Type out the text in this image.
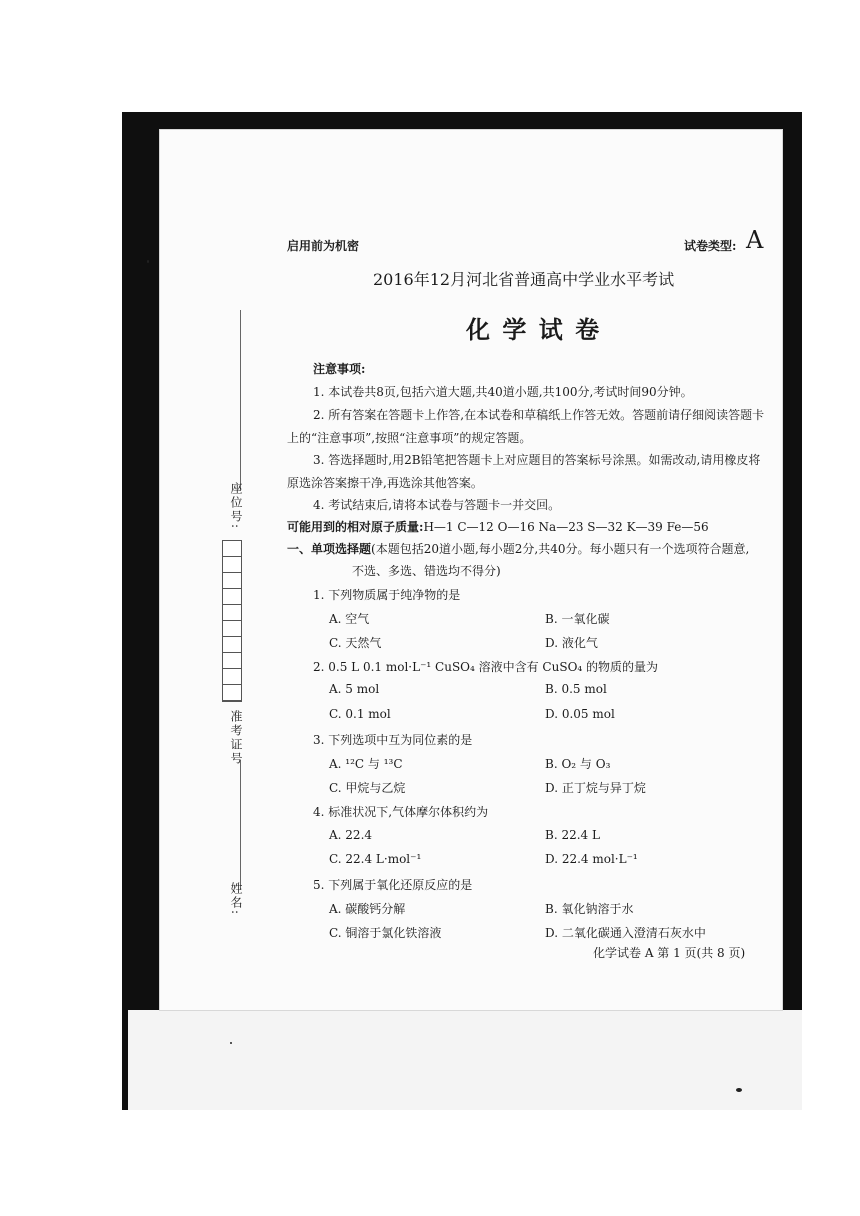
座位号:
准考证号
姓名:
启用前为机密	试卷类型: A
2016年12月河北省普通高中学业水平考试
化 学 试 卷
注意事项:
1. 本试卷共8页,包括六道大题,共40道小题,共100分,考试时间90分钟。
2. 所有答案在答题卡上作答,在本试卷和草稿纸上作答无效。答题前请仔细阅读答题卡
上的“注意事项”,按照“注意事项”的规定答题。
3. 答选择题时,用2B铅笔把答题卡上对应题目的答案标号涂黑。如需改动,请用橡皮将
原选涂答案擦干净,再选涂其他答案。
4. 考试结束后,请将本试卷与答题卡一并交回。
可能用到的相对原子质量:H—1 C—12 O—16 Na—23 S—32 K—39 Fe—56
一、单项选择题(本题包括20道小题,每小题2分,共40分。每小题只有一个选项符合题意,
不选、多选、错选均不得分)
1. 下列物质属于纯净物的是
A. 空气	B. 一氧化碳
C. 天然气	D. 液化气
2. 0.5 L 0.1 mol·L⁻¹ CuSO₄ 溶液中含有 CuSO₄ 的物质的量为
A. 5 mol	B. 0.5 mol
C. 0.1 mol	D. 0.05 mol
3. 下列选项中互为同位素的是
A. ¹²C 与 ¹³C	B. O₂ 与 O₃
C. 甲烷与乙烷	D. 正丁烷与异丁烷
4. 标准状况下,气体摩尔体积约为
A. 22.4	B. 22.4 L
C. 22.4 L·mol⁻¹	D. 22.4 mol·L⁻¹
5. 下列属于氧化还原反应的是
A. 碳酸钙分解	B. 氧化钠溶于水
C. 铜溶于氯化铁溶液	D. 二氧化碳通入澄清石灰水中
化学试卷 A 第 1 页(共 8 页)
